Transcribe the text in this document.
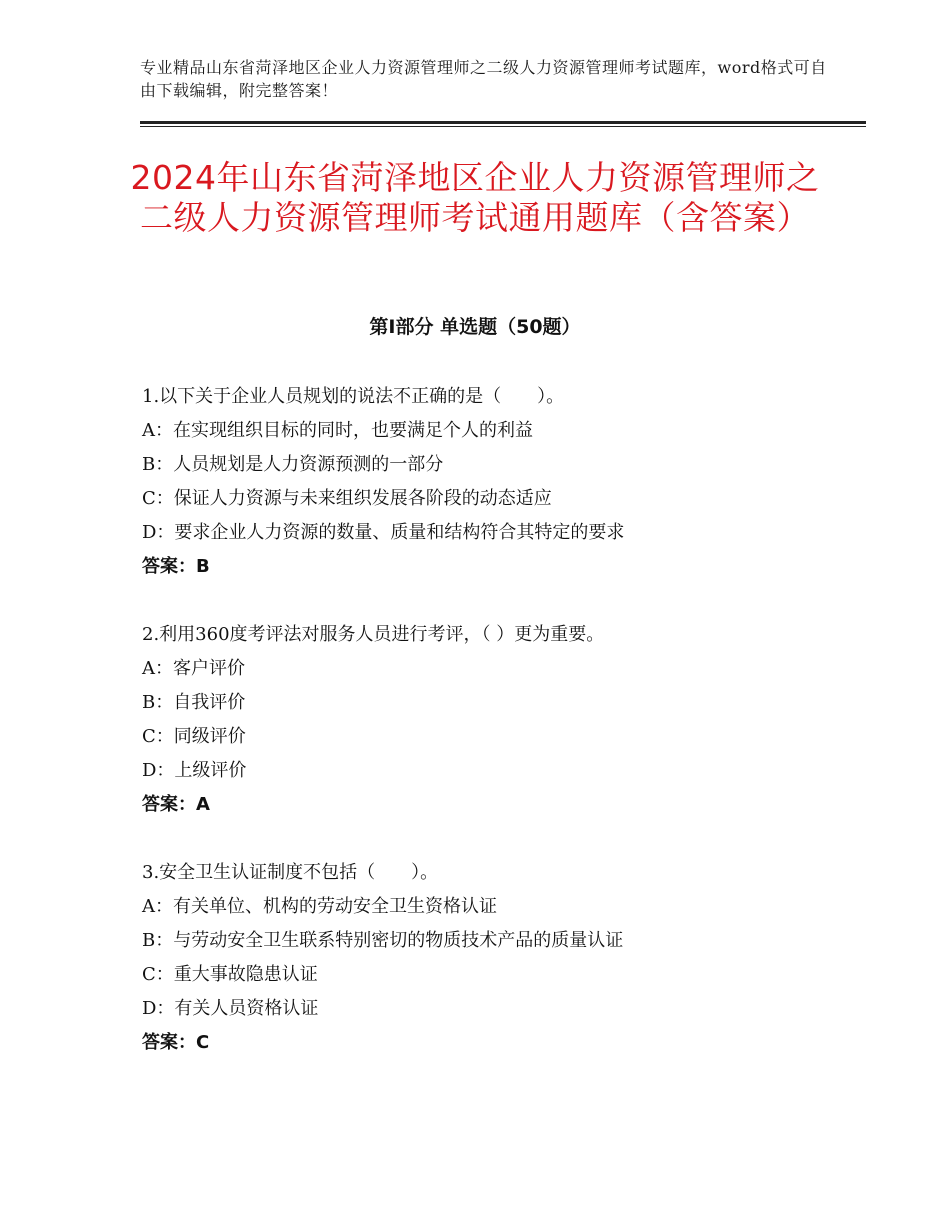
专业精品山东省菏泽地区企业人力资源管理师之二级人力资源管理师考试题库，word格式可自由下载编辑，附完整答案！
2024年山东省菏泽地区企业人力资源管理师之二级人力资源管理师考试通用题库（含答案）
第Ⅰ部分 单选题（50题）
1.以下关于企业人员规划的说法不正确的是（　　）。
A：在实现组织目标的同时，也要满足个人的利益
B：人员规划是人力资源预测的一部分
C：保证人力资源与未来组织发展各阶段的动态适应
D：要求企业人力资源的数量、质量和结构符合其特定的要求
答案：B
2.利用360度考评法对服务人员进行考评，（ ）更为重要。
A：客户评价
B：自我评价
C：同级评价
D：上级评价
答案：A
3.安全卫生认证制度不包括（　　）。
A：有关单位、机构的劳动安全卫生资格认证
B：与劳动安全卫生联系特别密切的物质技术产品的质量认证
C：重大事故隐患认证
D：有关人员资格认证
答案：C
